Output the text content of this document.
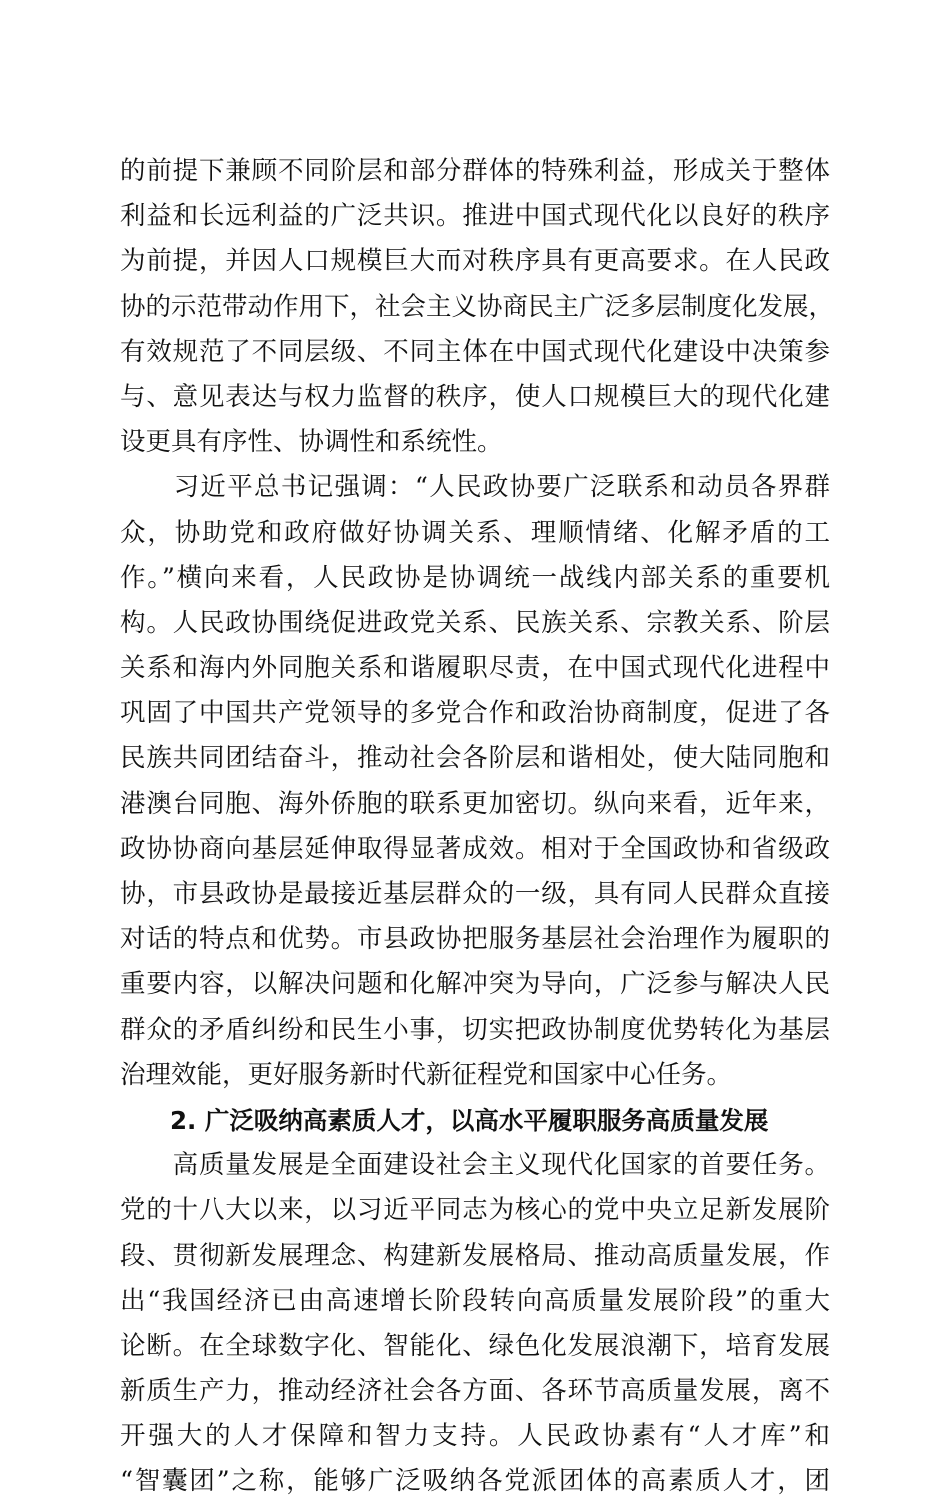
的前提下兼顾不同阶层和部分群体的特殊利益，形成关于整体
利益和长远利益的广泛共识。推进中国式现代化以良好的秩序
为前提，并因人口规模巨大而对秩序具有更高要求。在人民政
协的示范带动作用下，社会主义协商民主广泛多层制度化发展，
有效规范了不同层级、不同主体在中国式现代化建设中决策参
与、意见表达与权力监督的秩序，使人口规模巨大的现代化建
设更具有序性、协调性和系统性。
　　习近平总书记强调：“人民政协要广泛联系和动员各界群
众，协助党和政府做好协调关系、理顺情绪、化解矛盾的工
作。”横向来看，人民政协是协调统一战线内部关系的重要机
构。人民政协围绕促进政党关系、民族关系、宗教关系、阶层
关系和海内外同胞关系和谐履职尽责，在中国式现代化进程中
巩固了中国共产党领导的多党合作和政治协商制度，促进了各
民族共同团结奋斗，推动社会各阶层和谐相处，使大陆同胞和
港澳台同胞、海外侨胞的联系更加密切。纵向来看，近年来，
政协协商向基层延伸取得显著成效。相对于全国政协和省级政
协，市县政协是最接近基层群众的一级，具有同人民群众直接
对话的特点和优势。市县政协把服务基层社会治理作为履职的
重要内容，以解决问题和化解冲突为导向，广泛参与解决人民
群众的矛盾纠纷和民生小事，切实把政协制度优势转化为基层
治理效能，更好服务新时代新征程党和国家中心任务。
2. 广泛吸纳高素质人才，以高水平履职服务高质量发展
　　高质量发展是全面建设社会主义现代化国家的首要任务。
党的十八大以来，以习近平同志为核心的党中央立足新发展阶
段、贯彻新发展理念、构建新发展格局、推动高质量发展，作
出“我国经济已由高速增长阶段转向高质量发展阶段”的重大
论断。在全球数字化、智能化、绿色化发展浪潮下，培育发展
新质生产力，推动经济社会各方面、各环节高质量发展，离不
开强大的人才保障和智力支持。人民政协素有“人才库”和
“智囊团”之称，能够广泛吸纳各党派团体的高素质人才，团
